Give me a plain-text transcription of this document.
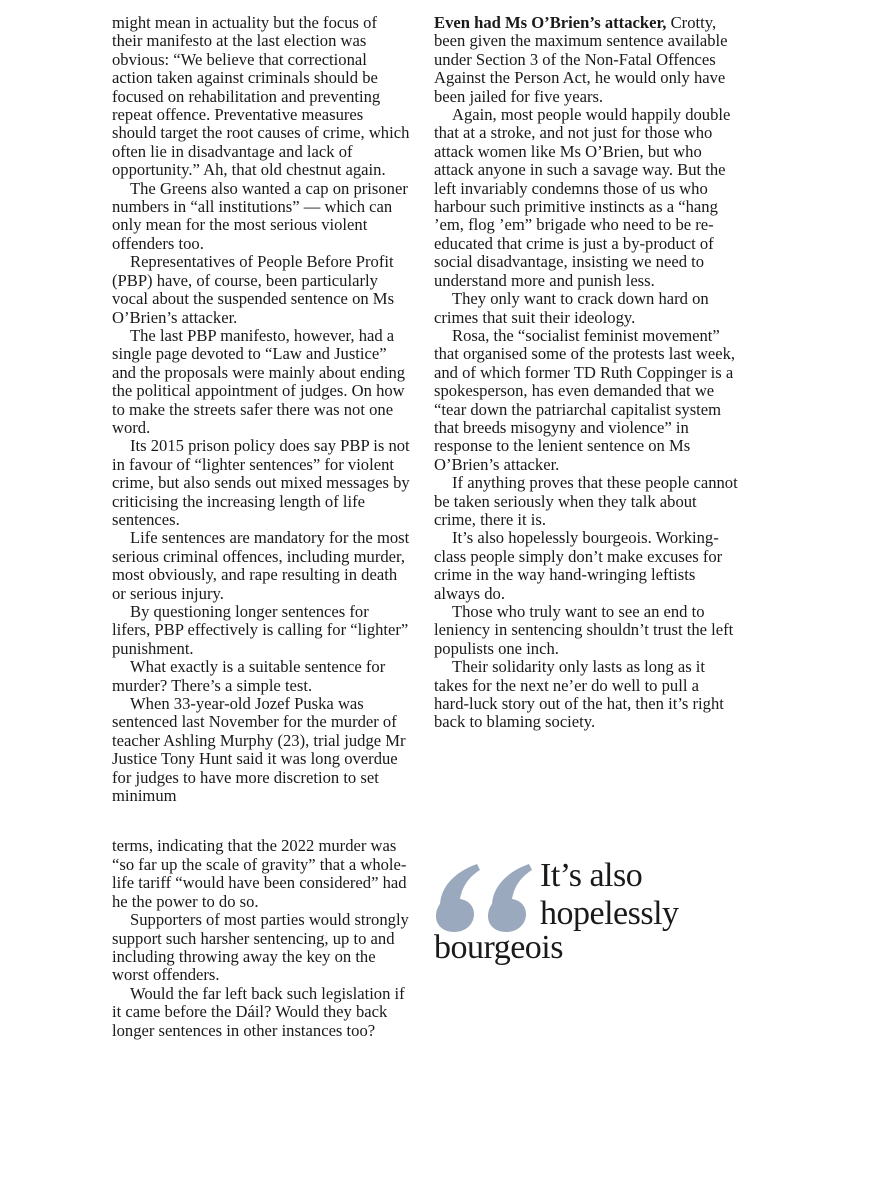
might mean in actuality but the focus of their manifesto at the last election was obvious: “We believe that correctional action taken against criminals should be focused on rehabilitation and preventing repeat offence. Preventative measures should target the root causes of crime, which often lie in disadvantage and lack of opportunity.” Ah, that old chestnut again.

The Greens also wanted a cap on prisoner numbers in “all institutions” — which can only mean for the most serious violent offenders too.

Representatives of People Before Profit (PBP) have, of course, been particularly vocal about the suspended sentence on Ms O’Brien’s attacker.

The last PBP manifesto, however, had a single page devoted to “Law and Justice” and the proposals were mainly about ending the political appointment of judges. On how to make the streets safer there was not one word.

Its 2015 prison policy does say PBP is not in favour of “lighter sentences” for violent crime, but also sends out mixed messages by criticising the increasing length of life sentences.

Life sentences are mandatory for the most serious criminal offences, including murder, most obviously, and rape resulting in death or serious injury.

By questioning longer sentences for lifers, PBP effectively is calling for “lighter” punishment.

What exactly is a suitable sentence for murder? There’s a simple test.

When 33-year-old Jozef Puska was sentenced last November for the murder of teacher Ashling Murphy (23), trial judge Mr Justice Tony Hunt said it was long overdue for judges to have more discretion to set minimum

terms, indicating that the 2022 murder was “so far up the scale of gravity” that a whole-life tariff “would have been considered” had he the power to do so.

Supporters of most parties would strongly support such harsher sentencing, up to and including throwing away the key on the worst offenders.

Would the far left back such legislation if it came before the Dáil? Would they back longer sentences in other instances too?

Even had Ms O’Brien’s attacker, Crotty, been given the maximum sentence available under Section 3 of the Non-Fatal Offences Against the Person Act, he would only have been jailed for five years.

Again, most people would happily double that at a stroke, and not just for those who attack women like Ms O’Brien, but who attack anyone in such a savage way. But the left invariably condemns those of us who harbour such primitive instincts as a “hang ’em, flog ’em” brigade who need to be re-educated that crime is just a by-product of social disadvantage, insisting we need to understand more and punish less.

They only want to crack down hard on crimes that suit their ideology.

Rosa, the “socialist feminist movement” that organised some of the protests last week, and of which former TD Ruth Coppinger is a spokesperson, has even demanded that we “tear down the patriarchal capitalist system that breeds misogyny and violence” in response to the lenient sentence on Ms O’Brien’s attacker.

If anything proves that these people cannot be taken seriously when they talk about crime, there it is.

It’s also hopelessly bourgeois. Working-class people simply don’t make excuses for crime in the way hand-wringing leftists always do.

Those who truly want to see an end to leniency in sentencing shouldn’t trust the left populists one inch.

Their solidarity only lasts as long as it takes for the next ne’er do well to pull a hard-luck story out of the hat, then it’s right back to blaming society.

It’s also
hopelessly
bourgeois
